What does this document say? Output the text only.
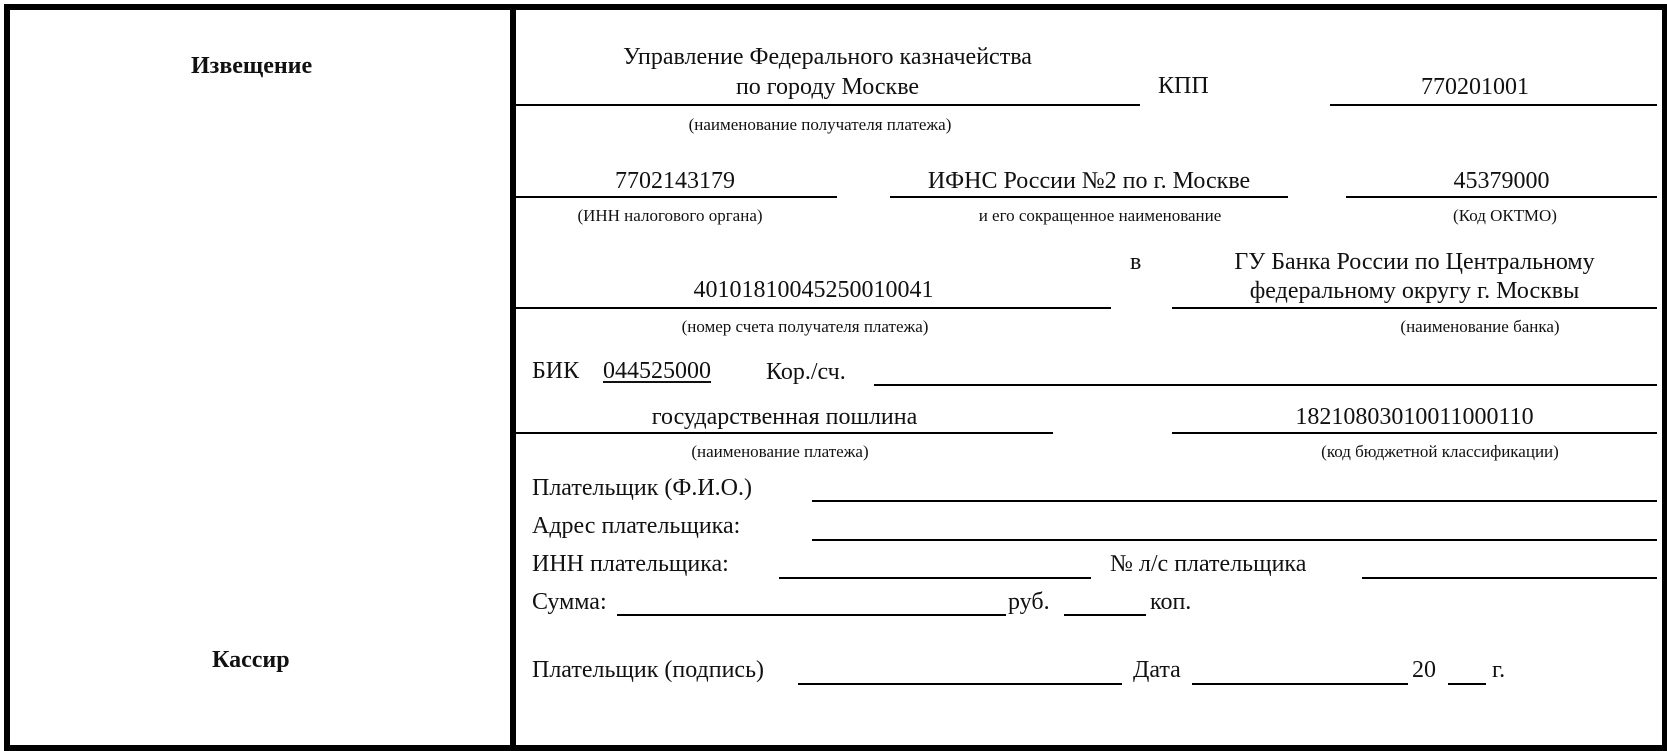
Извещение
Кассир
Управление Федерального казначейства
по городу Москве
(наименование получателя платежа)
КПП	770201001
7702143179
(ИНН налогового органа)
ИФНС России №2 по г. Москве
и его сокращенное наименование
45379000
(Код ОКТМО)
40101810045250010041
(номер счета получателя платежа)
в	ГУ Банка России по Центральному
федеральному округу г. Москвы
(наименование банка)
БИК 044525000 Кор./сч.
государственная пошлина
(наименование платежа)
18210803010011000110
(код бюджетной классификации)
Плательщик (Ф.И.О.)
Адрес плательщика:
ИНН плательщика:	№ л/с плательщика
Сумма:	руб.	коп.
Плательщик (подпись)	Дата	20 г.
